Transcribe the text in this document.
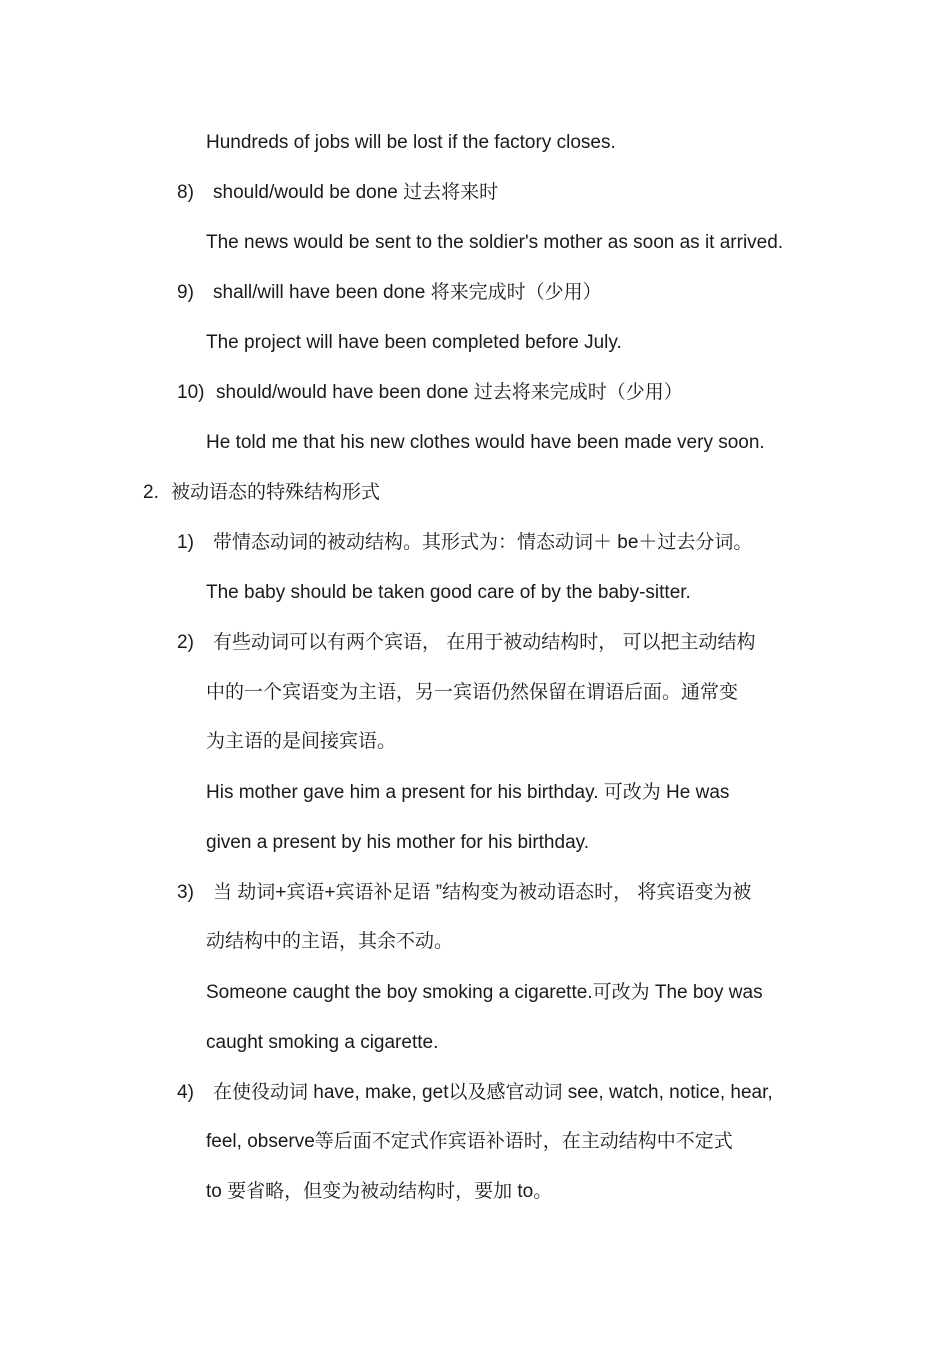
Hundreds of jobs will be lost if the factory closes.
8) should/would be done 过去将来时
The news would be sent to the soldier's mother as soon as it arrived.
9) shall/will have been done 将来完成时（少用）
The project will have been completed before July.
10) should/would have been done 过去将来完成时（少用）
He told me that his new clothes would have been made very soon.
2. 被动语态的特殊结构形式
1) 带情态动词的被动结构。其形式为：情态动词＋ be＋过去分词。
The baby should be taken good care of by the baby-sitter.
2) 有些动词可以有两个宾语， 在用于被动结构时， 可以把主动结构
中的一个宾语变为主语，另一宾语仍然保留在谓语后面。通常变
为主语的是间接宾语。
His mother gave him a present for his birthday. 可改为 He was
given a present by his mother for his birthday.
3) 当 劫词+宾语+宾语补足语 ”结构变为被动语态时， 将宾语变为被
动结构中的主语，其余不动。
Someone caught the boy smoking a cigarette.可改为 The boy was
caught smoking a cigarette.
4) 在使役动词 have, make, get以及感官动词 see, watch, notice, hear,
feel, observe等后面不定式作宾语补语时，在主动结构中不定式
to 要省略，但变为被动结构时，要加 to。
